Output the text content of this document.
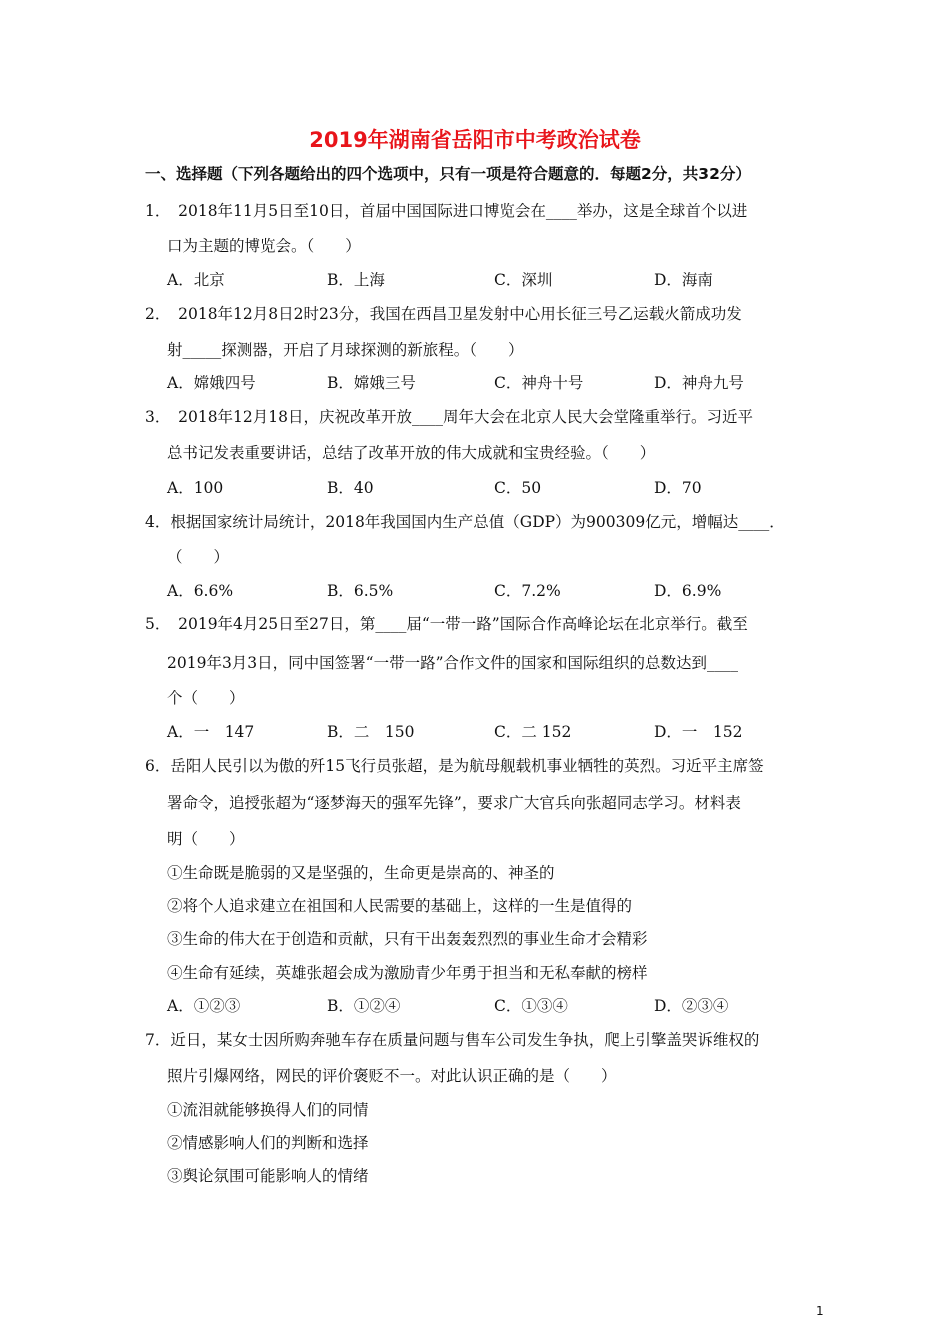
2019年湖南省岳阳市中考政治试卷
一、选择题（下列各题给出的四个选项中，只有一项是符合题意的．每题2分，共32分）
1．　2018年11月5日至10日，首届中国国际进口博览会在____举办，这是全球首个以进
口为主题的博览会。（　　）
A．北京	B．上海	C．深圳	D．海南
2．　2018年12月8日2时23分，我国在西昌卫星发射中心用长征三号乙运载火箭成功发
射_____探测器，开启了月球探测的新旅程。（　　）
A．嫦娥四号	B．嫦娥三号	C．神舟十号	D．神舟九号
3．　2018年12月18日，庆祝改革开放____周年大会在北京人民大会堂隆重举行。习近平
总书记发表重要讲话，总结了改革开放的伟大成就和宝贵经验。（　　）
A．100	B．40	C．50	D．70
4．根据国家统计局统计，2018年我国国内生产总值（GDP）为900309亿元，增幅达____．
（　　）
A．6.6%	B．6.5%	C．7.2%	D．6.9%
5．　2019年4月25日至27日，第____届“一带一路”国际合作高峰论坛在北京举行。截至
2019年3月3日，同中国签署“一带一路”合作文件的国家和国际组织的总数达到____
个（　　）
A．一　147	B．二　150	C．二 152	D．一　152
6．岳阳人民引以为傲的歼15飞行员张超，是为航母舰载机事业牺牲的英烈。习近平主席签
署命令，追授张超为“逐梦海天的强军先锋”，要求广大官兵向张超同志学习。材料表
明（　　）
①生命既是脆弱的又是坚强的，生命更是崇高的、神圣的
②将个人追求建立在祖国和人民需要的基础上，这样的一生是值得的
③生命的伟大在于创造和贡献，只有干出轰轰烈烈的事业生命才会精彩
④生命有延续，英雄张超会成为激励青少年勇于担当和无私奉献的榜样
A．①②③	B．①②④	C．①③④	D．②③④
7．近日，某女士因所购奔驰车存在质量问题与售车公司发生争执，爬上引擎盖哭诉维权的
照片引爆网络，网民的评价褒贬不一。对此认识正确的是（　　）
①流泪就能够换得人们的同情
②情感影响人们的判断和选择
③舆论氛围可能影响人的情绪
1
